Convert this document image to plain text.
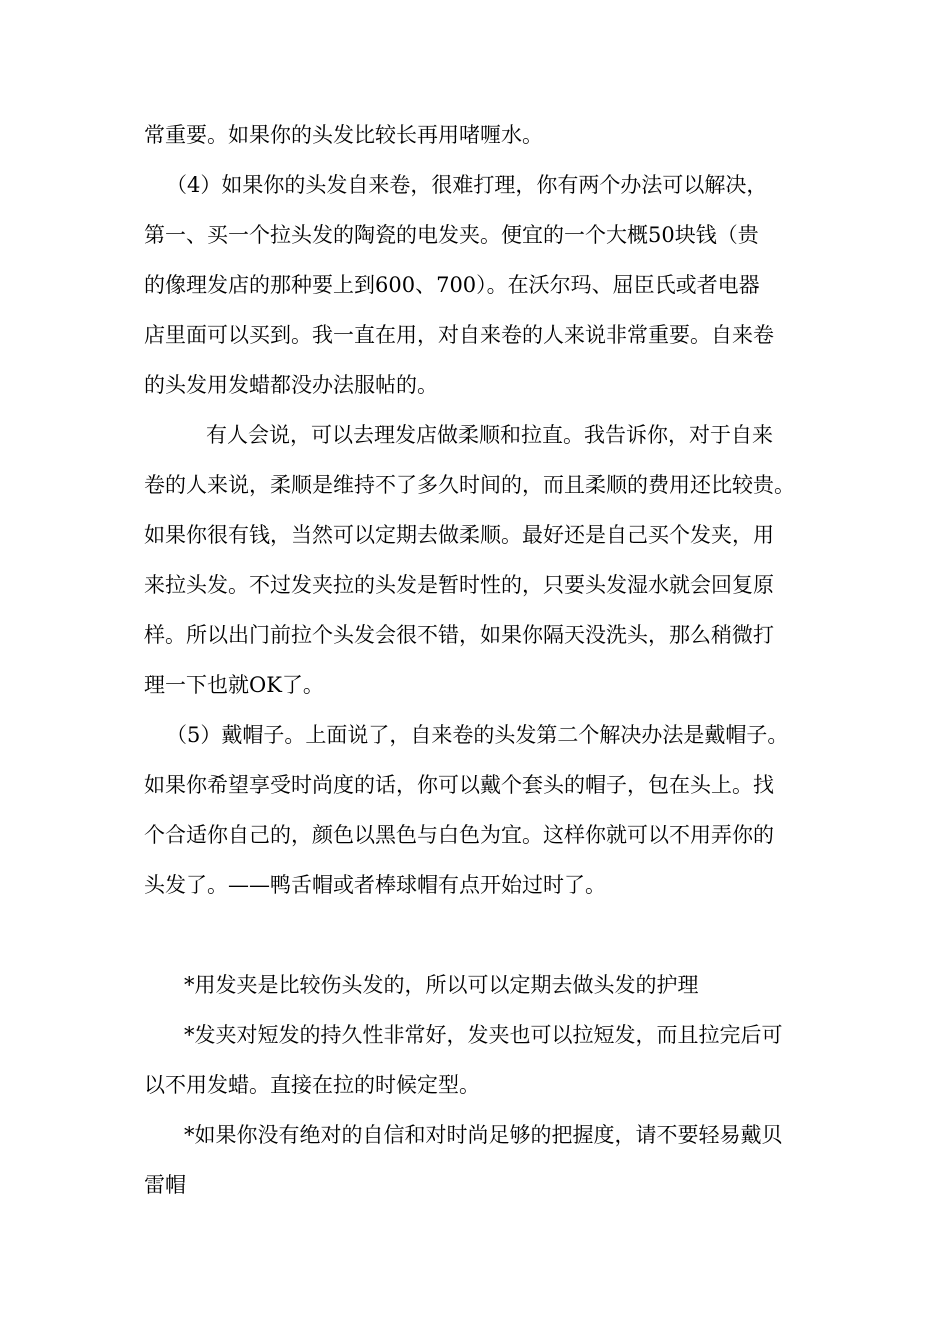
常重要。如果你的头发比较长再用啫喱水。
（4）如果你的头发自来卷，很难打理，你有两个办法可以解决，
第一、买一个拉头发的陶瓷的电发夹。便宜的一个大概50块钱（贵
的像理发店的那种要上到600、700）。在沃尔玛、屈臣氏或者电器
店里面可以买到。我一直在用，对自来卷的人来说非常重要。自来卷
的头发用发蜡都没办法服帖的。
有人会说，可以去理发店做柔顺和拉直。我告诉你，对于自来
卷的人来说，柔顺是维持不了多久时间的，而且柔顺的费用还比较贵。
如果你很有钱，当然可以定期去做柔顺。最好还是自己买个发夹，用
来拉头发。不过发夹拉的头发是暂时性的，只要头发湿水就会回复原
样。所以出门前拉个头发会很不错，如果你隔天没洗头，那么稍微打
理一下也就OK了。
（5）戴帽子。上面说了，自来卷的头发第二个解决办法是戴帽子。
如果你希望享受时尚度的话，你可以戴个套头的帽子，包在头上。找
个合适你自己的，颜色以黑色与白色为宜。这样你就可以不用弄你的
头发了。——鸭舌帽或者棒球帽有点开始过时了。
*用发夹是比较伤头发的，所以可以定期去做头发的护理
*发夹对短发的持久性非常好，发夹也可以拉短发，而且拉完后可
以不用发蜡。直接在拉的时候定型。
*如果你没有绝对的自信和对时尚足够的把握度，请不要轻易戴贝
雷帽
